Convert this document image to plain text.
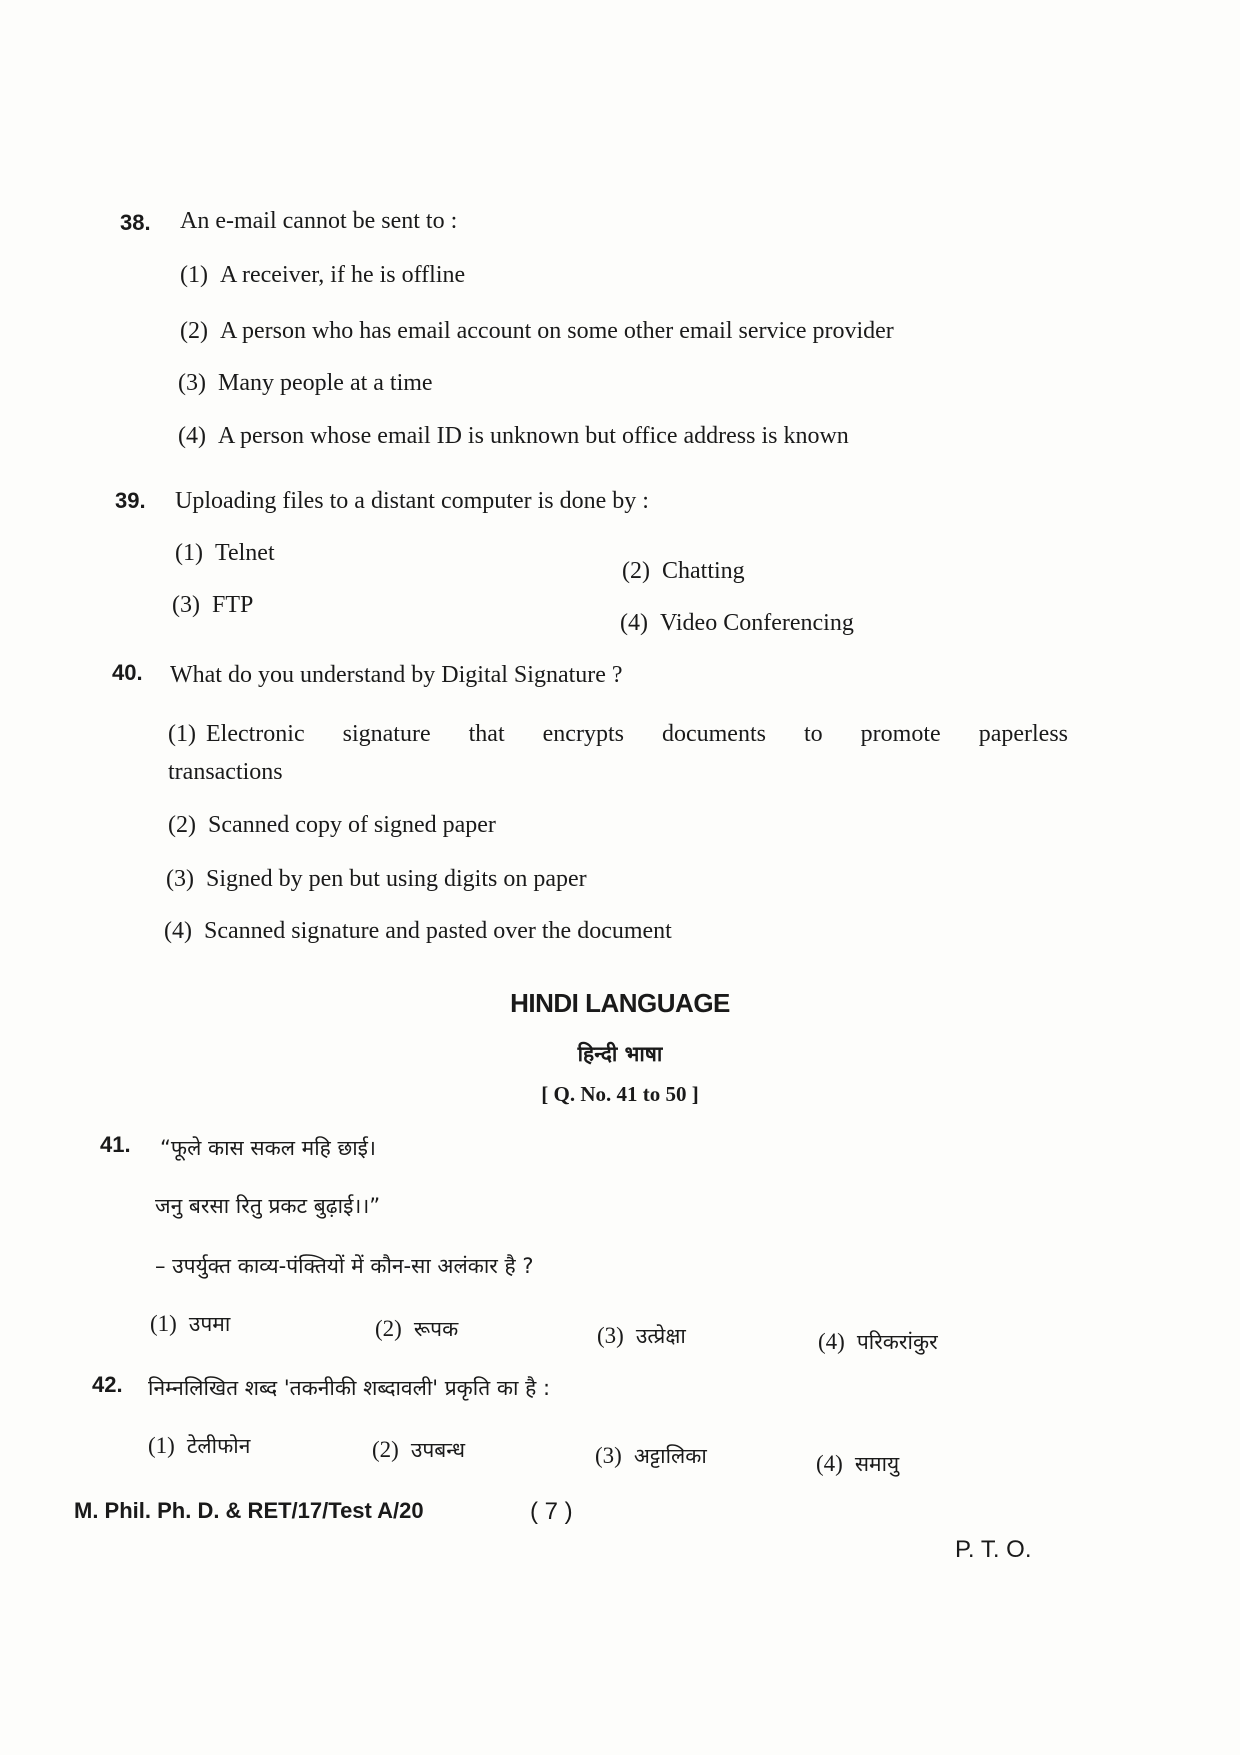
38. An e-mail cannot be sent to :
(1) A receiver, if he is offline
(2) A person who has email account on some other email service provider
(3) Many people at a time
(4) A person whose email ID is unknown but office address is known
39. Uploading files to a distant computer is done by :
(1) Telnet
(2) Chatting
(3) FTP
(4) Video Conferencing
40. What do you understand by Digital Signature ?
(1) Electronic signature that encrypts documents to promote paperless transactions
(2) Scanned copy of signed paper
(3) Signed by pen but using digits on paper
(4) Scanned signature and pasted over the document
HINDI LANGUAGE
हिन्दी भाषा
[ Q. No. 41 to 50 ]
41. “फूले कास सकल महि छाई।
जनु बरसा रितु प्रकट बुढ़ाई।।”
– उपर्युक्त काव्य-पंक्तियों में कौन-सा अलंकार है ?
(1) उपमा	(2) रूपक	(3) उत्प्रेक्षा	(4) परिकरांकुर
42. निम्नलिखित शब्द 'तकनीकी शब्दावली' प्रकृति का है :
(1) टेलीफोन	(2) उपबन्ध	(3) अट्टालिका	(4) समायु
M. Phil. Ph. D. & RET/17/Test A/20	( 7 )
P. T. O.
